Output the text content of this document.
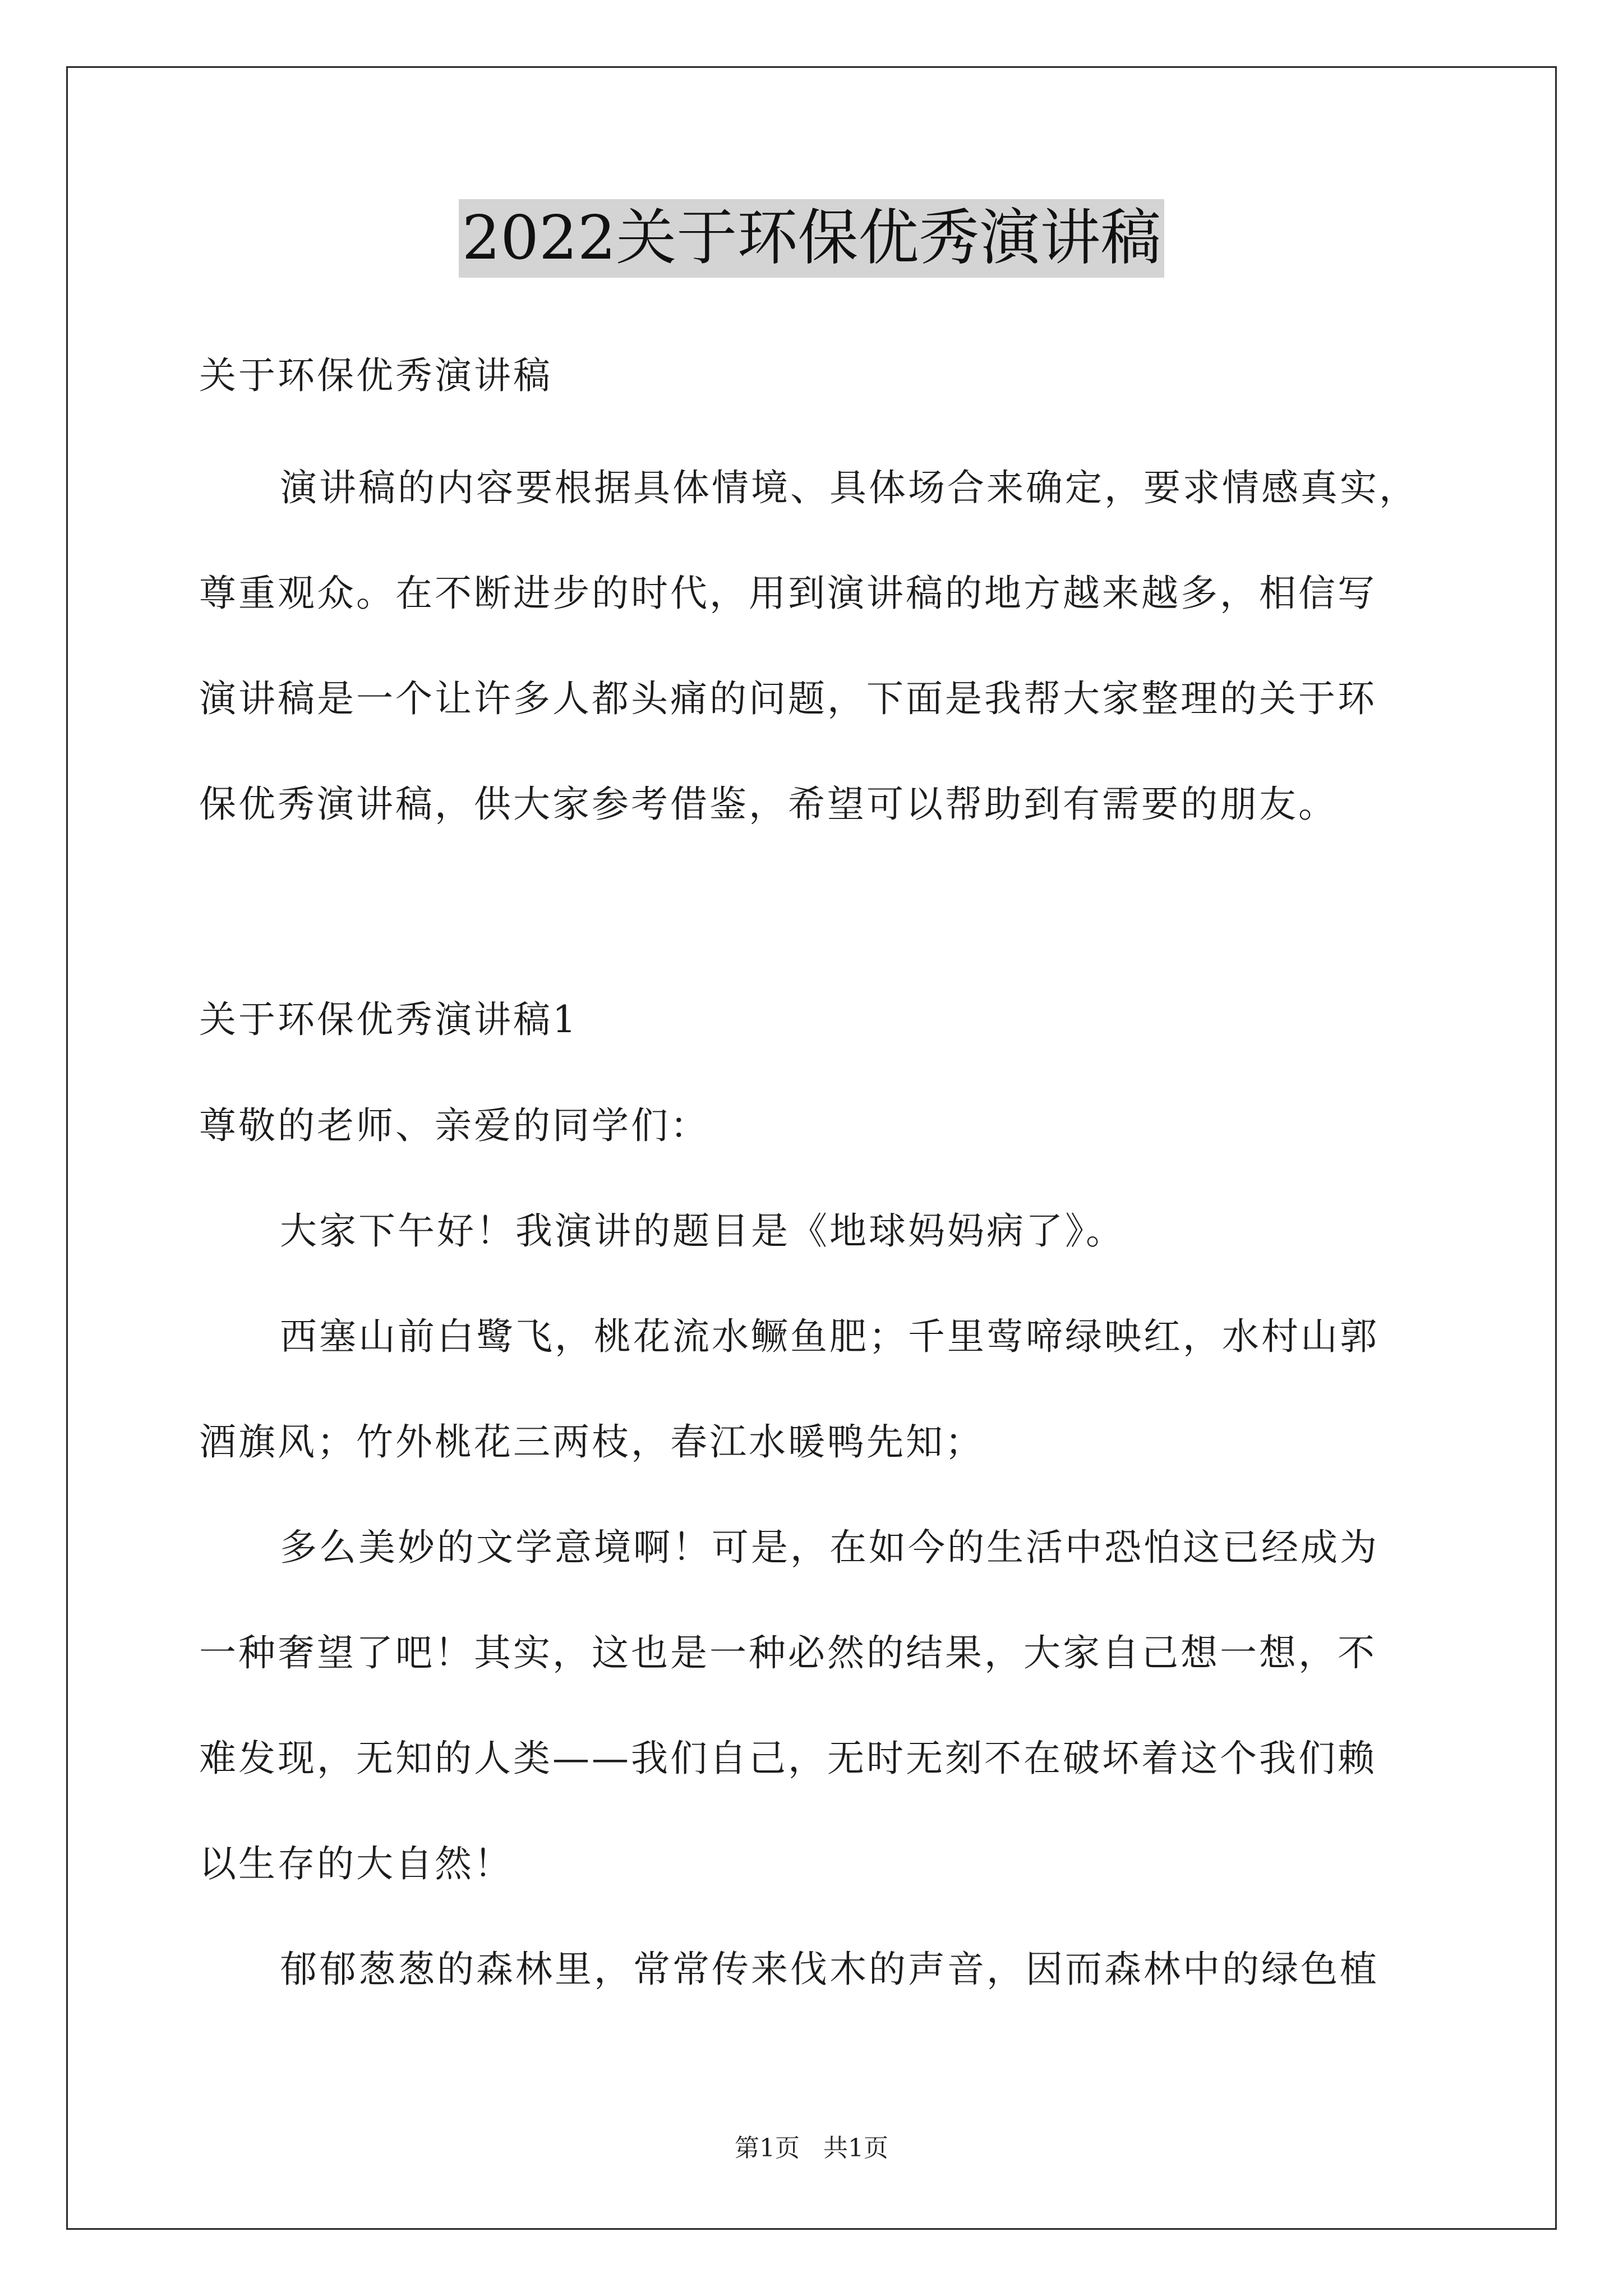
2022关于环保优秀演讲稿
关于环保优秀演讲稿
演讲稿的内容要根据具体情境、具体场合来确定，要求情感真实，
尊重观众。在不断进步的时代，用到演讲稿的地方越来越多，相信写
演讲稿是一个让许多人都头痛的问题，下面是我帮大家整理的关于环
保优秀演讲稿，供大家参考借鉴，希望可以帮助到有需要的朋友。
关于环保优秀演讲稿1
尊敬的老师、亲爱的同学们：
大家下午好！我演讲的题目是《地球妈妈病了》。
西塞山前白鹭飞，桃花流水鳜鱼肥；千里莺啼绿映红，水村山郭
酒旗风；竹外桃花三两枝，春江水暖鸭先知；
多么美妙的文学意境啊！可是，在如今的生活中恐怕这已经成为
一种奢望了吧！其实，这也是一种必然的结果，大家自己想一想，不
难发现，无知的人类——我们自己，无时无刻不在破坏着这个我们赖
以生存的大自然！
郁郁葱葱的森林里，常常传来伐木的声音，因而森林中的绿色植
第1页 共1页
